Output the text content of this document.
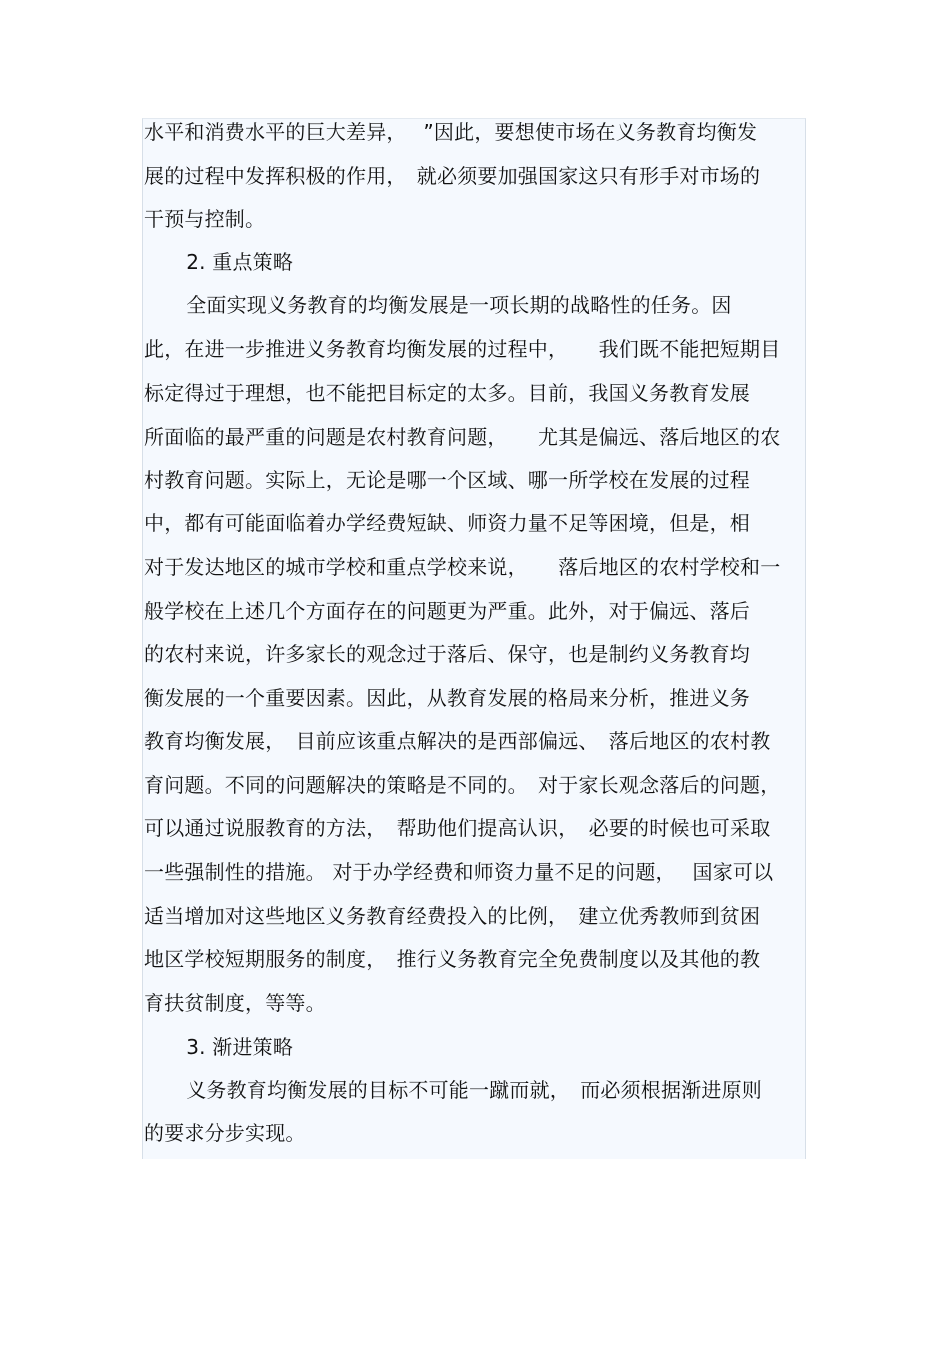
水平和消费水平的巨大差异，　 ”因此，要想使市场在义务教育均衡发
展的过程中发挥积极的作用，　就必须要加强国家这只有形手对市场的
干预与控制。
　2. 重点策略
　全面实现义务教育的均衡发展是一项长期的战略性的任务。因
此，在进一步推进义务教育均衡发展的过程中，　　我们既不能把短期目
标定得过于理想，也不能把目标定的太多。目前，我国义务教育发展
所面临的最严重的问题是农村教育问题，　　尤其是偏远、落后地区的农
村教育问题。实际上，无论是哪一个区域、哪一所学校在发展的过程
中，都有可能面临着办学经费短缺、师资力量不足等困境，但是，相
对于发达地区的城市学校和重点学校来说，　　落后地区的农村学校和一
般学校在上述几个方面存在的问题更为严重。此外，对于偏远、落后
的农村来说，许多家长的观念过于落后、保守，也是制约义务教育均
衡发展的一个重要因素。因此，从教育发展的格局来分析，推进义务
教育均衡发展，　目前应该重点解决的是西部偏远、　落后地区的农村教
育问题。不同的问题解决的策略是不同的。　对于家长观念落后的问题，
可以通过说服教育的方法，　帮助他们提高认识，　必要的时候也可采取
一些强制性的措施。 对于办学经费和师资力量不足的问题，　 国家可以
适当增加对这些地区义务教育经费投入的比例，　建立优秀教师到贫困
地区学校短期服务的制度，　推行义务教育完全免费制度以及其他的教
育扶贫制度，等等。
　3. 渐进策略
　义务教育均衡发展的目标不可能一蹴而就，　而必须根据渐进原则
的要求分步实现。
